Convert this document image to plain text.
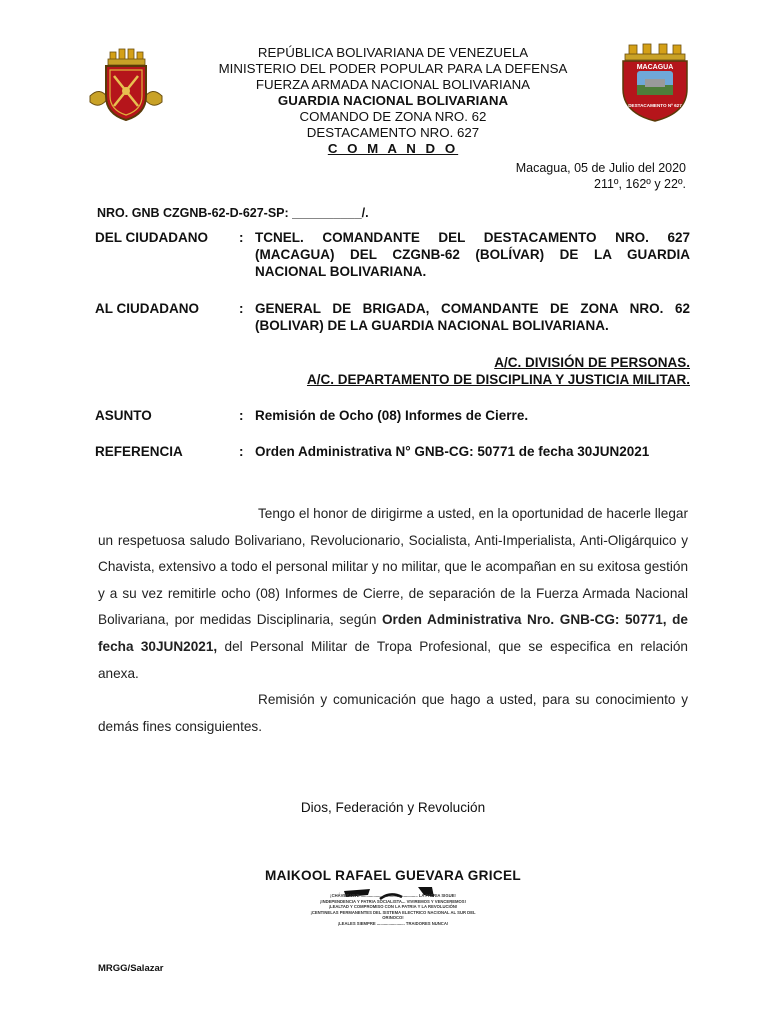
MACAGUA
DESTACAMENTO Nº 627
REPÚBLICA BOLIVARIANA DE VENEZUELA
MINISTERIO DEL PODER POPULAR PARA LA DEFENSA
FUERZA ARMADA NACIONAL BOLIVARIANA
GUARDIA NACIONAL BOLIVARIANA
COMANDO DE ZONA NRO. 62
DESTACAMENTO NRO. 627
C O M A N D O
Macagua, 05 de Julio del 2020
211º, 162º y 22º.
NRO. GNB CZGNB-62-D-627-SP: __________/.
DEL CIUDADANO : TCNEL. COMANDANTE DEL DESTACAMENTO NRO. 627 (MACAGUA) DEL CZGNB-62 (BOLÍVAR) DE LA GUARDIA NACIONAL BOLIVARIANA.
AL CIUDADANO	: GENERAL DE BRIGADA, COMANDANTE DE ZONA NRO. 62 (BOLIVAR) DE LA GUARDIA NACIONAL BOLIVARIANA.
A/C. DIVISIÓN DE PERSONAS.
A/C. DEPARTAMENTO DE DISCIPLINA Y JUSTICIA MILITAR.
ASUNTO	: Remisión de Ocho (08) Informes de Cierre.
REFERENCIA	: Orden Administrativa N° GNB-CG: 50771 de fecha 30JUN2021

Tengo el honor de dirigirme a usted, en la oportunidad de hacerle llegar un respetuosa saludo Bolivariano, Revolucionario, Socialista, Anti-Imperialista, Anti-Oligárquico y Chavista, extensivo a todo el personal militar y no militar, que le acompañan en su exitosa gestión y a su vez remitirle ocho (08) Informes de Cierre, de separación de la Fuerza Armada Nacional Bolivariana, por medidas Disciplinaria, según Orden Administrativa Nro. GNB-CG: 50771, de fecha 30JUN2021, del Personal Militar de Tropa Profesional, que se especifica en relación anexa.

Remisión y comunicación que hago a usted, para su conocimiento y demás fines consiguientes.

Dios, Federación y Revolución
MAIKOOL RAFAEL GUEVARA GRICEL
¡CHÁVEZ VIVE ................................................. LA PATRIA SIGUE!
¡INDEPENDENCIA Y PATRIA SOCIALISTA... VIVIREMOS Y VENCEREMOS!
¡LEALTAD Y COMPROMISO CON LA PATRIA Y LA REVOLUCIÓN!
¡CENTINELAS PERMANENTES DEL SISTEMA ELECTRICO NACIONAL AL SUR DEL ORINOCO!
¡LEALES SIEMPRE ........................ TRAIDORES NUNCA!
MRGG/Salazar
